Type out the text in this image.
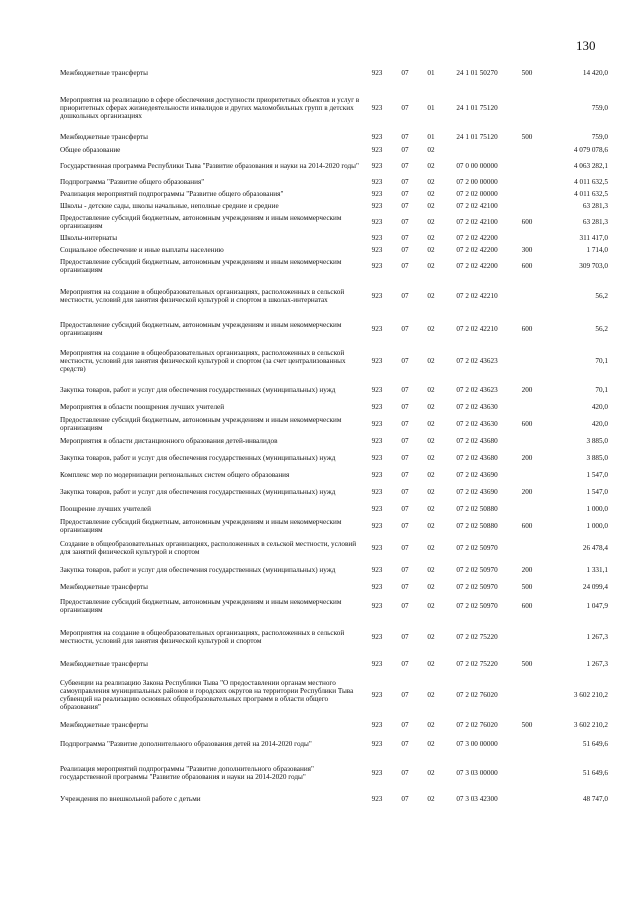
130
Межбюджетные трансферты	923	07	01	24 1 01 50270	500	14 420,0
Мероприятия на реализацию в сфере обеспечения доступности приоритетных объектов и услуг в приоритетных сферах жизнедеятельности инвалидов и других маломобильных групп в детских дошкольных организациях	923	07	01	24 1 01 75120		759,0
Межбюджетные трансферты	923	07	01	24 1 01 75120	500	759,0
Общее образование	923	07	02			4 079 078,6
Государственная программа Республики Тыва "Развитие образования и науки на 2014-2020 годы"	923	07	02	07 0 00 00000		4 063 282,1
Подпрограмма "Развитие общего образования"	923	07	02	07 2 00 00000		4 011 632,5
Реализация мероприятий подпрограммы "Развитие общего образования"	923	07	02	07 2 02 00000		4 011 632,5
Школы - детские сады, школы начальные, неполные средние и средние	923	07	02	07 2 02 42100		63 281,3
Предоставление субсидий бюджетным, автономным учреждениям и иным некоммерческим организациям	923	07	02	07 2 02 42100	600	63 281,3
Школы-интернаты	923	07	02	07 2 02 42200		311 417,0
Социальное обеспечение и иные выплаты населению	923	07	02	07 2 02 42200	300	1 714,0
Предоставление субсидий бюджетным, автономным учреждениям и иным некоммерческим организациям	923	07	02	07 2 02 42200	600	309 703,0
Мероприятия на создание в общеобразовательных организациях, расположенных в сельской местности, условий для занятия физической культурой и спортом в школах-интернатах	923	07	02	07 2 02 42210		56,2
Предоставление субсидий бюджетным, автономным учреждениям и иным некоммерческим организациям	923	07	02	07 2 02 42210	600	56,2
Мероприятия на создание в общеобразовательных организациях, расположенных в сельской местности, условий для занятия физической культурой и спортом (за счет централизованных средств)	923	07	02	07 2 02 43623		70,1
Закупка товаров, работ и услуг для обеспечения государственных (муниципальных) нужд	923	07	02	07 2 02 43623	200	70,1
Мероприятия в области поощрения лучших учителей	923	07	02	07 2 02 43630		420,0
Предоставление субсидий бюджетным, автономным учреждениям и иным некоммерческим организациям	923	07	02	07 2 02 43630	600	420,0
Мероприятия в области дистанционного образования детей-инвалидов	923	07	02	07 2 02 43680		3 885,0
Закупка товаров, работ и услуг для обеспечения государственных (муниципальных) нужд	923	07	02	07 2 02 43680	200	3 885,0
Комплекс мер по модернизации региональных систем общего образования	923	07	02	07 2 02 43690		1 547,0
Закупка товаров, работ и услуг для обеспечения государственных (муниципальных) нужд	923	07	02	07 2 02 43690	200	1 547,0
Поощрение лучших учителей	923	07	02	07 2 02 50880		1 000,0
Предоставление субсидий бюджетным, автономным учреждениям и иным некоммерческим организациям	923	07	02	07 2 02 50880	600	1 000,0
Создание в общеобразовательных организациях, расположенных в сельской местности, условий для занятий физической культурой и спортом	923	07	02	07 2 02 50970		26 478,4
Закупка товаров, работ и услуг для обеспечения государственных (муниципальных) нужд	923	07	02	07 2 02 50970	200	1 331,1
Межбюджетные трансферты	923	07	02	07 2 02 50970	500	24 099,4
Предоставление субсидий бюджетным, автономным учреждениям и иным некоммерческим организациям	923	07	02	07 2 02 50970	600	1 047,9
Мероприятия на создание в общеобразовательных организациях, расположенных в сельской местности, условий для занятия физической культурой и спортом	923	07	02	07 2 02 75220		1 267,3
Межбюджетные трансферты	923	07	02	07 2 02 75220	500	1 267,3
Субвенции на реализацию Закона Республики Тыва "О предоставлении органам местного самоуправления муниципальных районов и городских округов на территории Республики Тыва субвенций на реализацию основных общеобразовательных программ в области общего образования"	923	07	02	07 2 02 76020		3 602 210,2
Межбюджетные трансферты	923	07	02	07 2 02 76020	500	3 602 210,2
Подпрограмма "Развитие дополнительного образования детей на 2014-2020 годы"	923	07	02	07 3 00 00000		51 649,6
Реализация мероприятий подпрограммы "Развитие дополнительного образования" государственной программы "Развитие образования и науки на 2014-2020 годы"	923	07	02	07 3 03 00000		51 649,6
Учреждения по внешкольной работе с детьми	923	07	02	07 3 03 42300		48 747,0
